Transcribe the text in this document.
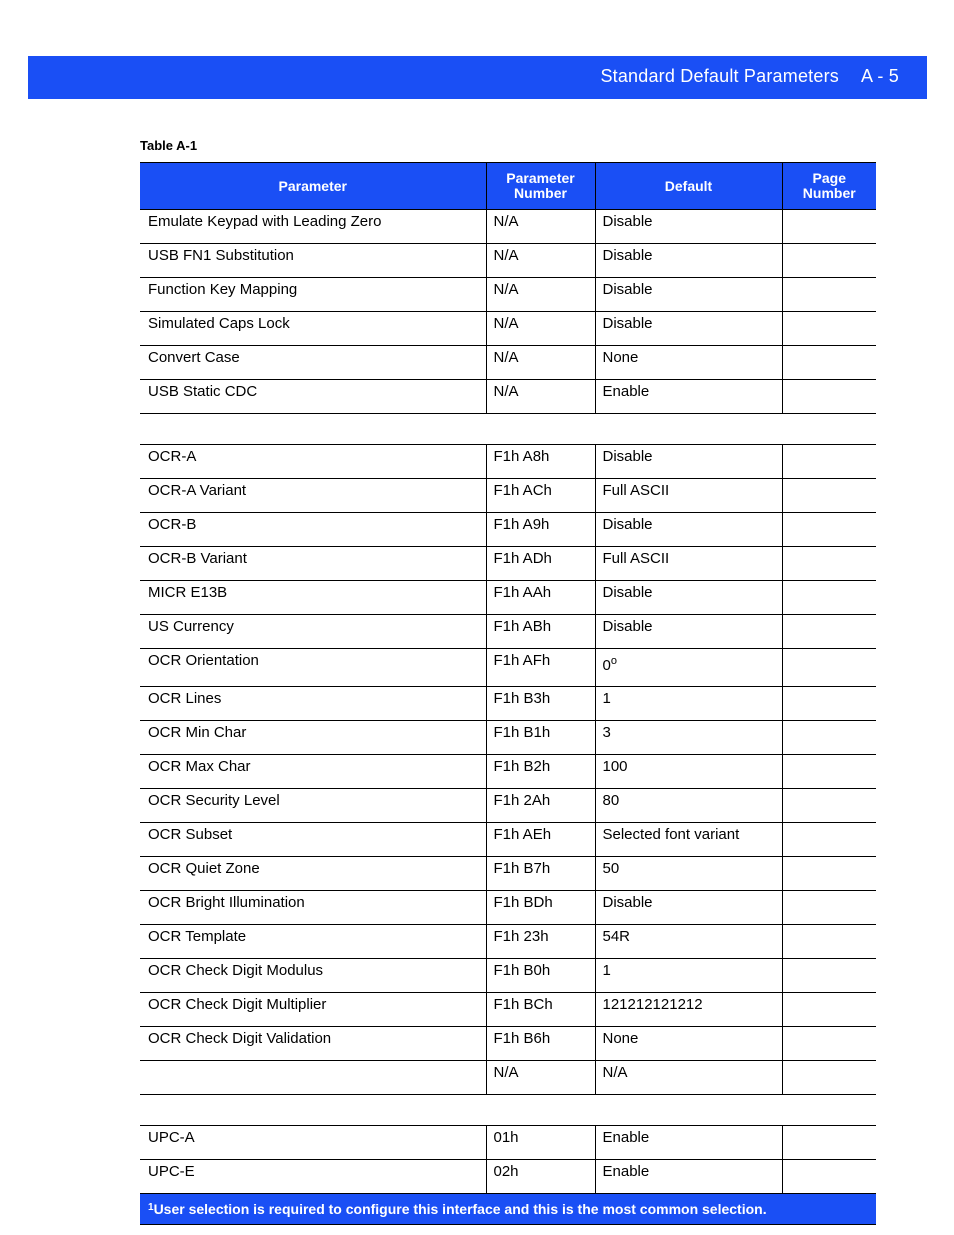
Standard Default Parameters A - 5
Table A-1
Parameter	Parameter Number	Default	Page Number
Emulate Keypad with Leading Zero	N/A	Disable	
USB FN1 Substitution	N/A	Disable	
Function Key Mapping	N/A	Disable	
Simulated Caps Lock	N/A	Disable	
Convert Case	N/A	None	
USB Static CDC	N/A	Enable	

OCR-A	F1h A8h	Disable	
OCR-A Variant	F1h ACh	Full ASCII	
OCR-B	F1h A9h	Disable	
OCR-B Variant	F1h ADh	Full ASCII	
MICR E13B	F1h AAh	Disable	
US Currency	F1h ABh	Disable	
OCR Orientation	F1h AFh	0$^o$	
OCR Lines	F1h B3h	1	
OCR Min Char	F1h B1h	3	
OCR Max Char	F1h B2h	100	
OCR Security Level	F1h 2Ah	80	
OCR Subset	F1h AEh	Selected font variant	
OCR Quiet Zone	F1h B7h	50	
OCR Bright Illumination	F1h BDh	Disable	
OCR Template	F1h 23h	54R	
OCR Check Digit Modulus	F1h B0h	1	
OCR Check Digit Multiplier	F1h BCh	121212121212	
OCR Check Digit Validation	F1h B6h	None	
	N/A	N/A	

UPC-A	01h	Enable	
UPC-E	02h	Enable	
$^1$User selection is required to configure this interface and this is the most common selection.			
